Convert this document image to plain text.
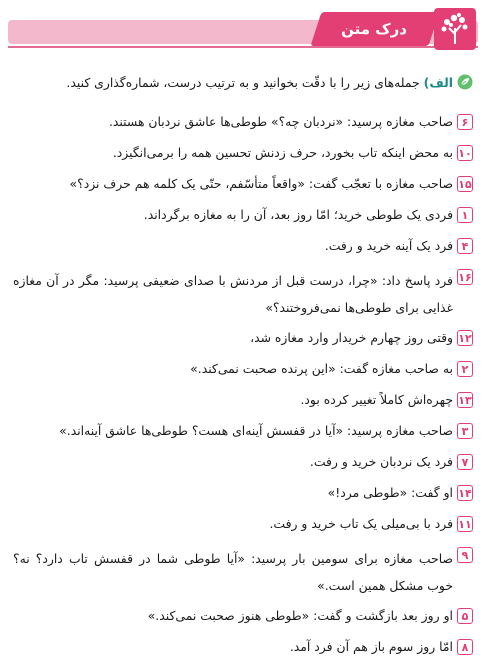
درک متن
الف) جمله‌های زیر را با دقّت بخوانید و به ترتیب درست، شماره‌گذاری کنید.
۶
صاحب مغازه پرسید: «نردبان چه؟» طوطی‌ها عاشق نردبان هستند.
۱۰
به محض اینکه تاب بخورد، حرف زدنش تحسین همه را برمی‌انگیزد.
۱۵
صاحب مغازه با تعجّب گفت: «واقعاً متأسّفم، حتّی یک کلمه هم حرف نزد؟»
۱
فردی یک طوطی خرید؛ امّا روز بعد، آن را به مغازه برگرداند.
۴
فرد یک آینه خرید و رفت.
۱۶
فرد پاسخ داد: «چرا، درست قبل از مردنش با صدای ضعیفی پرسید: مگر در آن مغازه غذایی برای طوطی‌ها نمی‌فروختند؟»
۱۲
وقتی روز چهارم خریدار وارد مغازه شد،
۲
به صاحب مغازه گفت: «این پرنده صحبت نمی‌کند.»
۱۳
چهره‌اش کاملاً تغییر کرده بود.
۳
صاحب مغازه پرسید: «آیا در قفسش آینه‌ای هست؟ طوطی‌ها عاشق آینه‌اند.»
۷
فرد یک نردبان خرید و رفت.
۱۴
او گفت: «طوطی مرد!»
۱۱
فرد با بی‌میلی یک تاب خرید و رفت.
۹
صاحب مغازه برای سومین بار پرسید: «آیا طوطی شما در قفسش تاب دارد؟ نه؟ خوب مشکل همین است.»
۵
او روز بعد بازگشت و گفت: «طوطی هنوز صحبت نمی‌کند.»
۸
امّا روز سوم باز هم آن فرد آمد.
